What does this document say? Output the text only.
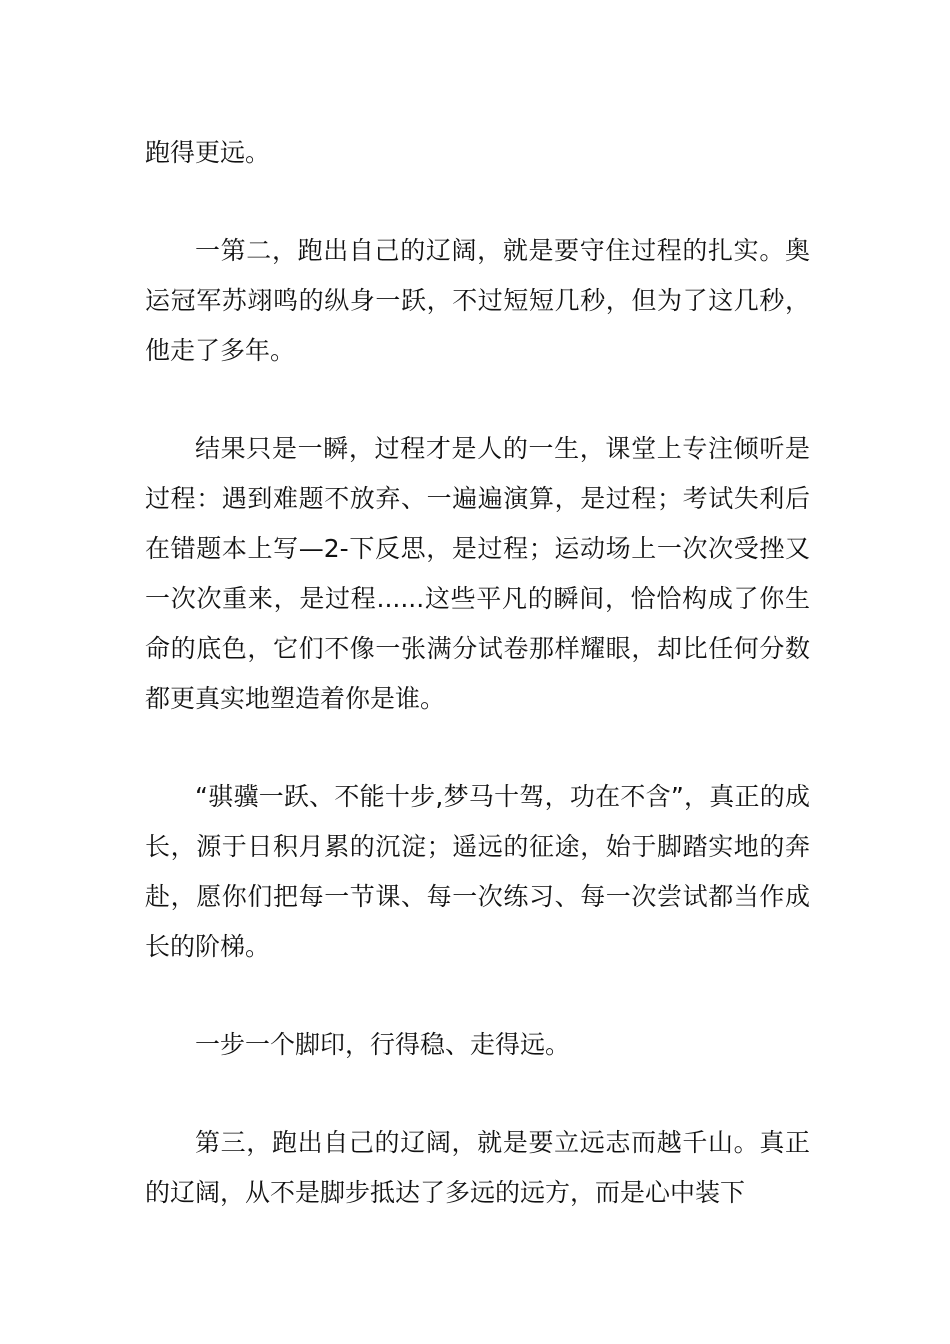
跑得更远。

一第二，跑出自己的辽阔，就是要守住过程的扎实。奥运冠军苏翊鸣的纵身一跃，不过短短几秒，但为了这几秒，他走了多年。

结果只是一瞬，过程才是人的一生，课堂上专注倾听是过程：遇到难题不放弃、一遍遍演算，是过程；考试失利后在错题本上写—2-下反思，是过程；运动场上一次次受挫又一次次重来，是过程......这些平凡的瞬间，恰恰构成了你生命的底色，它们不像一张满分试卷那样耀眼，却比任何分数都更真实地塑造着你是谁。

“骐骥一跃、不能十步,梦马十驾，功在不含”，真正的成长，源于日积月累的沉淀；遥远的征途，始于脚踏实地的奔赴，愿你们把每一节课、每一次练习、每一次尝试都当作成长的阶梯。

一步一个脚印，行得稳、走得远。

第三，跑出自己的辽阔，就是要立远志而越千山。真正的辽阔，从不是脚步抵达了多远的远方，而是心中装下
